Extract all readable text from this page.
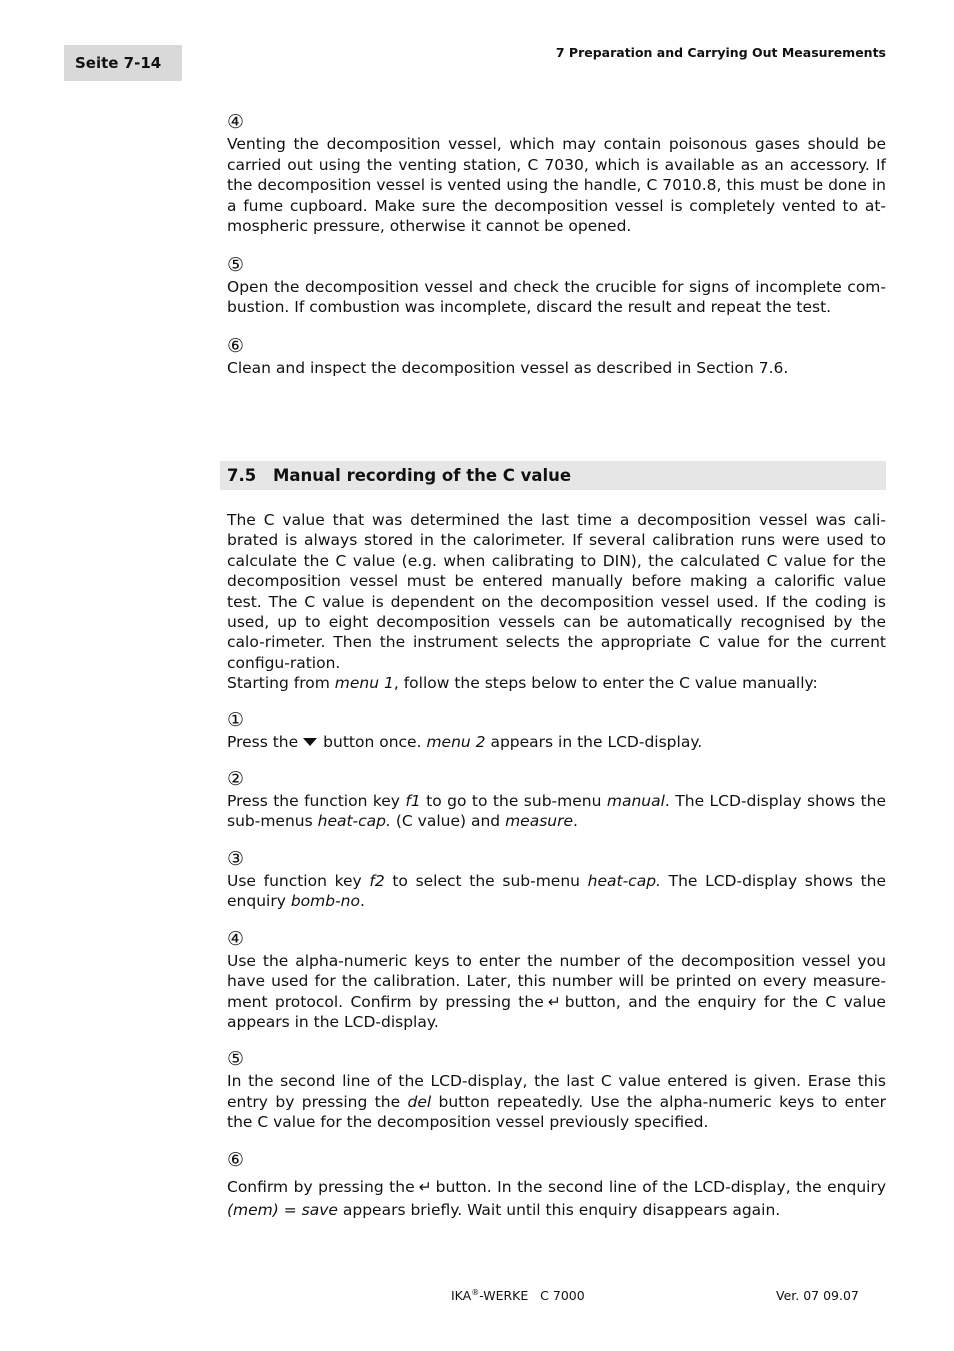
Seite 7-14
7 Preparation and Carrying Out Measurements
④

Venting the decomposition vessel, which may contain poisonous gases should be carried out using the venting station, C 7030, which is available as an accessory. If the decomposition vessel is vented using the handle, C 7010.8, this must be done in a fume cupboard. Make sure the decomposition vessel is completely vented to at-mospheric pressure, otherwise it cannot be opened.

⑤

Open the decomposition vessel and check the crucible for signs of incomplete com-bustion. If combustion was incomplete, discard the result and repeat the test.

⑥

Clean and inspect the decomposition vessel as described in Section 7.6.

7.5 Manual recording of the C value

The C value that was determined the last time a decomposition vessel was cali-brated is always stored in the calorimeter. If several calibration runs were used to calculate the C value (e.g. when calibrating to DIN), the calculated C value for the decomposition vessel must be entered manually before making a calorific value test. The C value is dependent on the decomposition vessel used. If the coding is used, up to eight decomposition vessels can be automatically recognised by the calo-rimeter. Then the instrument selects the appropriate C value for the current configu-ration.

Starting from menu 1, follow the steps below to enter the C value manually:

①

Press the button once. menu 2 appears in the LCD-display.

②

Press the function key f1 to go to the sub-menu manual. The LCD-display shows the sub-menus heat-cap. (C value) and measure.

③

Use function key f2 to select the sub-menu heat-cap. The LCD-display shows the enquiry bomb-no.

④

Use the alpha-numeric keys to enter the number of the decomposition vessel you have used for the calibration. Later, this number will be printed on every measure-ment protocol. Confirm by pressing the ↵ button, and the enquiry for the C value appears in the LCD-display.

⑤

In the second line of the LCD-display, the last C value entered is given. Erase this entry by pressing the del button repeatedly. Use the alpha-numeric keys to enter the C value for the decomposition vessel previously specified.

⑥

Confirm by pressing the ↵ button. In the second line of the LCD-display, the enquiry (mem) = save appears briefly. Wait until this enquiry disappears again.

IKA®-WERKE   C 7000	Ver. 07 09.07
